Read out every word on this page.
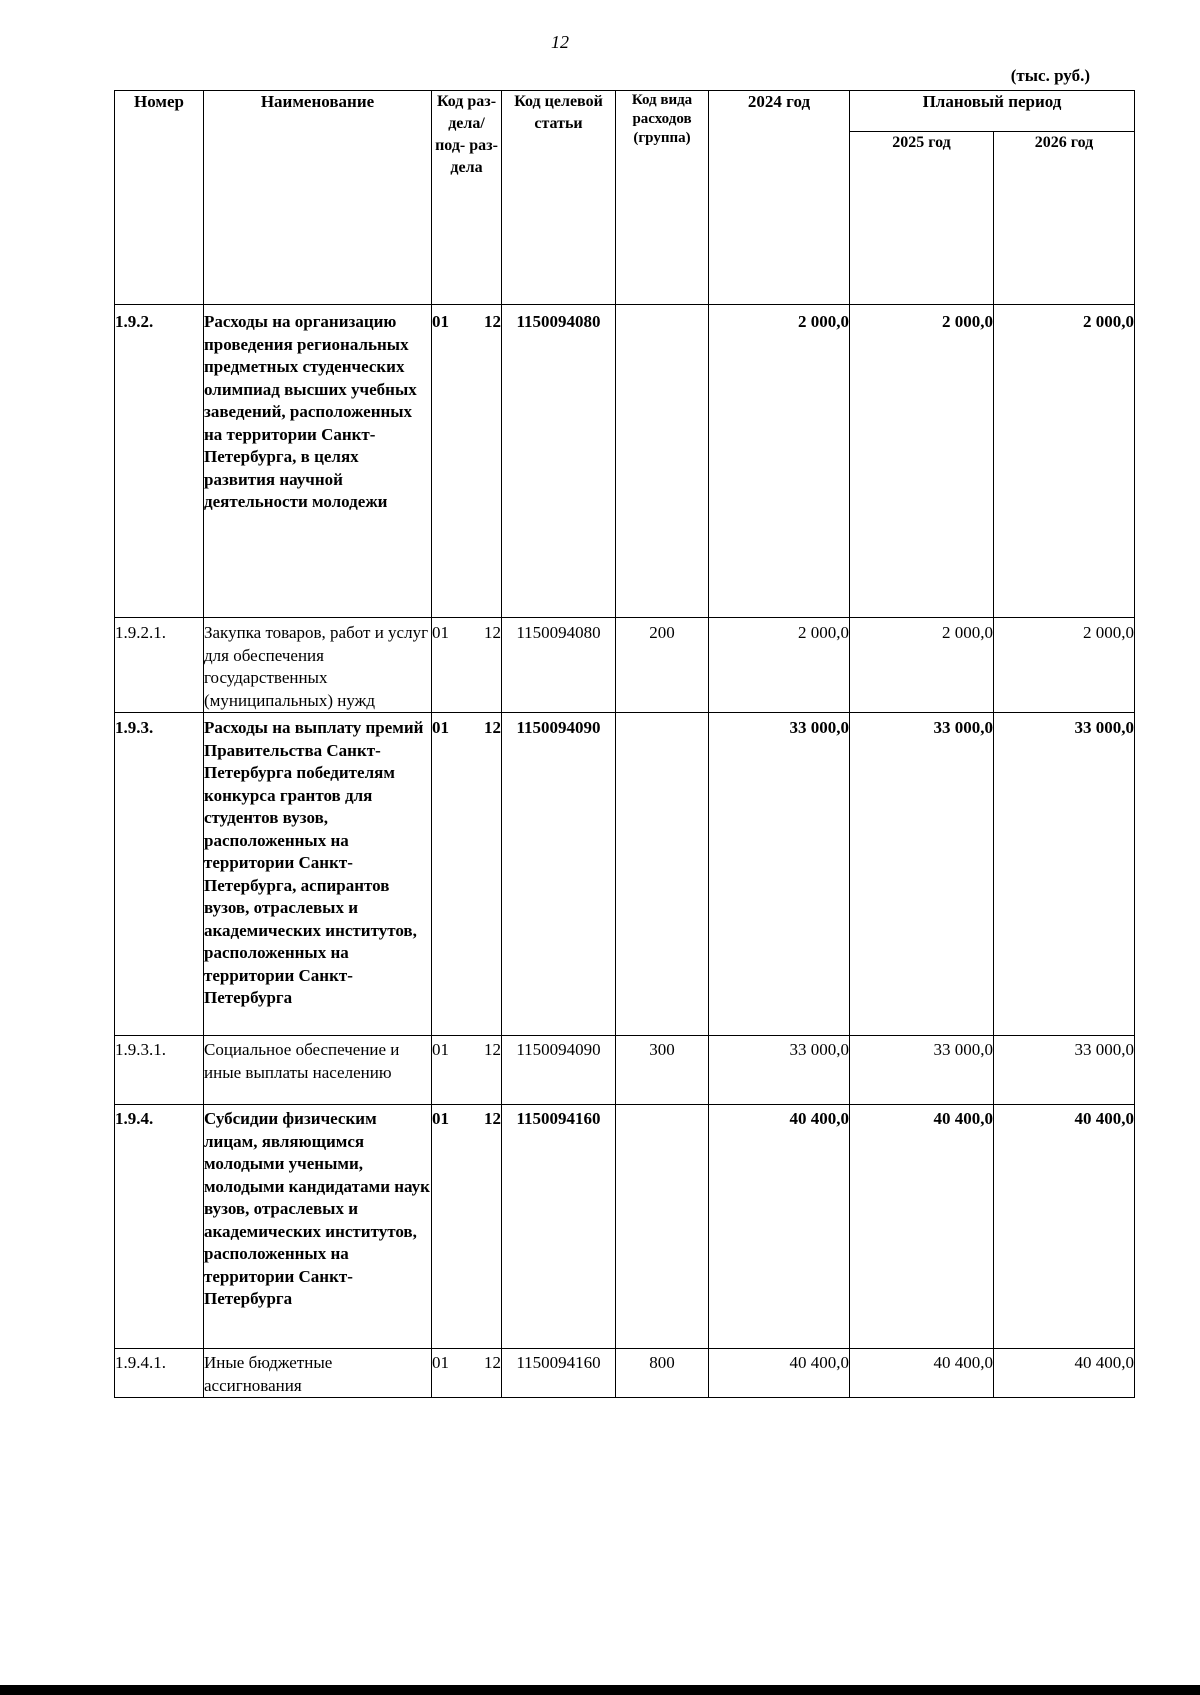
12
(тыс. руб.)
Номер	Наименование	Код раз- дела/ под- раз- дела	Код целевой статьи	Код вида расходов (группа)	2024 год	Плановый период	
						2025 год	2026 год
1.9.2.	Расходы на организацию проведения региональных предметных студенческих олимпиад высших учебных заведений, расположенных на территории Санкт-Петербурга, в целях развития научной деятельности молодежи	01 12	1150094080		2 000,0	2 000,0	2 000,0
1.9.2.1.	Закупка товаров, работ и услуг для обеспечения государственных (муниципальных) нужд	01 12	1150094080	200	2 000,0	2 000,0	2 000,0
1.9.3.	Расходы на выплату премий Правительства Санкт-Петербурга победителям конкурса грантов для студентов вузов, расположенных на территории Санкт-Петербурга, аспирантов вузов, отраслевых и академических институтов, расположенных на территории Санкт-Петербурга	01 12	1150094090		33 000,0	33 000,0	33 000,0
1.9.3.1.	Социальное обеспечение и иные выплаты населению	01 12	1150094090	300	33 000,0	33 000,0	33 000,0
1.9.4.	Субсидии физическим лицам, являющимся молодыми учеными, молодыми кандидатами наук вузов, отраслевых и академических институтов, расположенных на территории Санкт-Петербурга	01 12	1150094160		40 400,0	40 400,0	40 400,0
1.9.4.1.	Иные бюджетные ассигнования	01 12	1150094160	800	40 400,0	40 400,0	40 400,0
